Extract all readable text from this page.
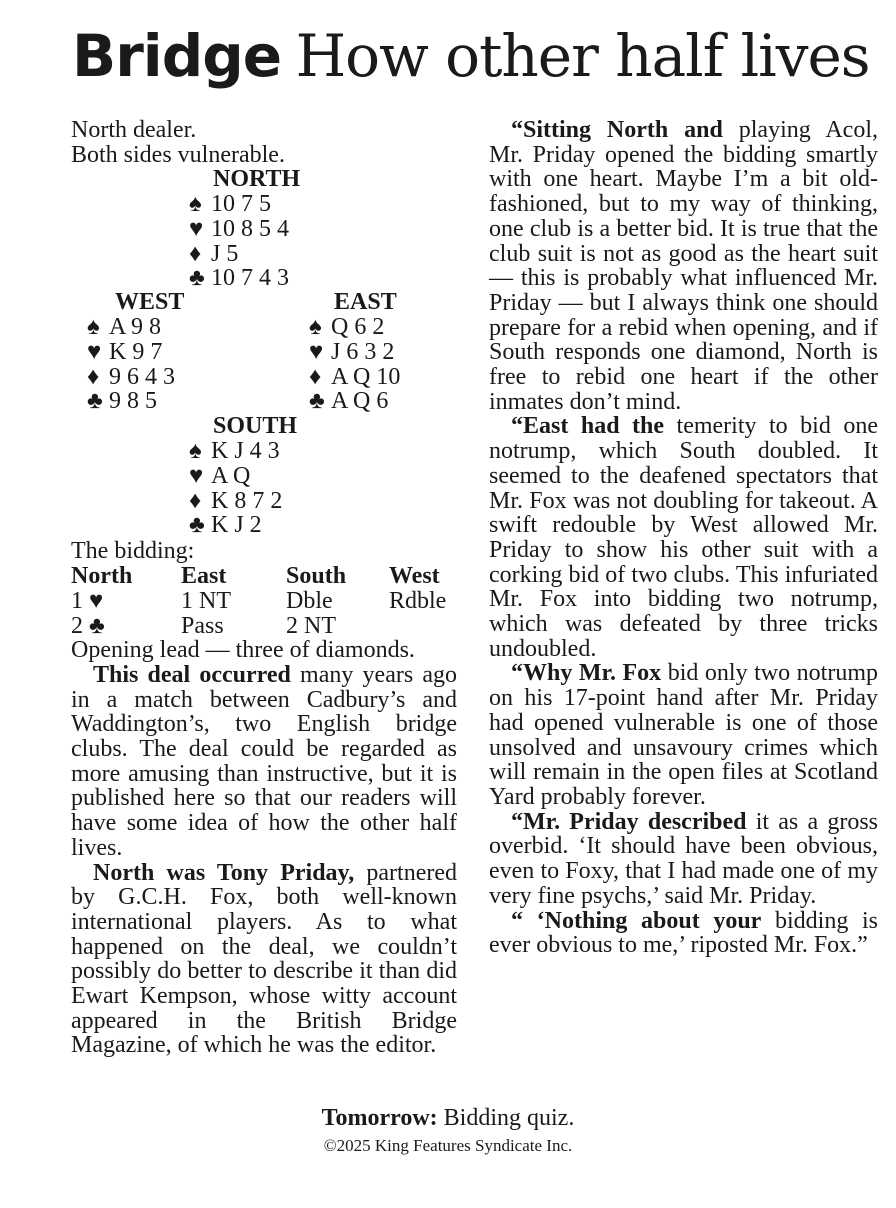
Bridge How other half lives
North dealer.
Both sides vulnerable.
NORTH
♠ 10 7 5
♥ 10 8 5 4
♦ J 5
♣ 10 7 4 3
WEST
♠ A 9 8
♥ K 9 7
♦ 9 6 4 3
♣ 9 8 5
EAST
♠ Q 6 2
♥ J 6 3 2
♦ A Q 10
♣ A Q 6
SOUTH
♠ K J 4 3
♥ A Q
♦ K 8 7 2
♣ K J 2
The bidding:
North	East	South	West
1 ♥	1 NT	Dble	Rdble
2 ♣	Pass	2 NT	
Opening lead — three of diamonds.
This deal occurred many years ago in a match between Cadbury’s and Waddington’s, two English bridge clubs. The deal could be regarded as more amusing than instructive, but it is published here so that our readers will have some idea of how the other half lives.
North was Tony Priday, partnered by G.C.H. Fox, both well-known international players. As to what happened on the deal, we couldn’t possibly do better to describe it than did Ewart Kempson, whose witty account appeared in the British Bridge Magazine, of which he was the editor.
“Sitting North and playing Acol, Mr. Priday opened the bidding smartly with one heart. Maybe I’m a bit old-fashioned, but to my way of thinking, one club is a better bid. It is true that the club suit is not as good as the heart suit — this is probably what influenced Mr. Priday — but I always think one should prepare for a rebid when opening, and if South responds one diamond, North is free to rebid one heart if the other inmates don’t mind.
“East had the temerity to bid one notrump, which South doubled. It seemed to the deafened spectators that Mr. Fox was not doubling for takeout. A swift redouble by West allowed Mr. Priday to show his other suit with a corking bid of two clubs. This infuriated Mr. Fox into bidding two notrump, which was defeated by three tricks undoubled.
“Why Mr. Fox bid only two notrump on his 17-point hand after Mr. Priday had opened vulnerable is one of those unsolved and unsavoury crimes which will remain in the open files at Scotland Yard probably forever.
“Mr. Priday described it as a gross overbid. ‘It should have been obvious, even to Foxy, that I had made one of my very fine psychs,’ said Mr. Priday.
“ ‘Nothing about your bidding is ever obvious to me,’ riposted Mr. Fox.”
Tomorrow: Bidding quiz.
©2025 King Features Syndicate Inc.
